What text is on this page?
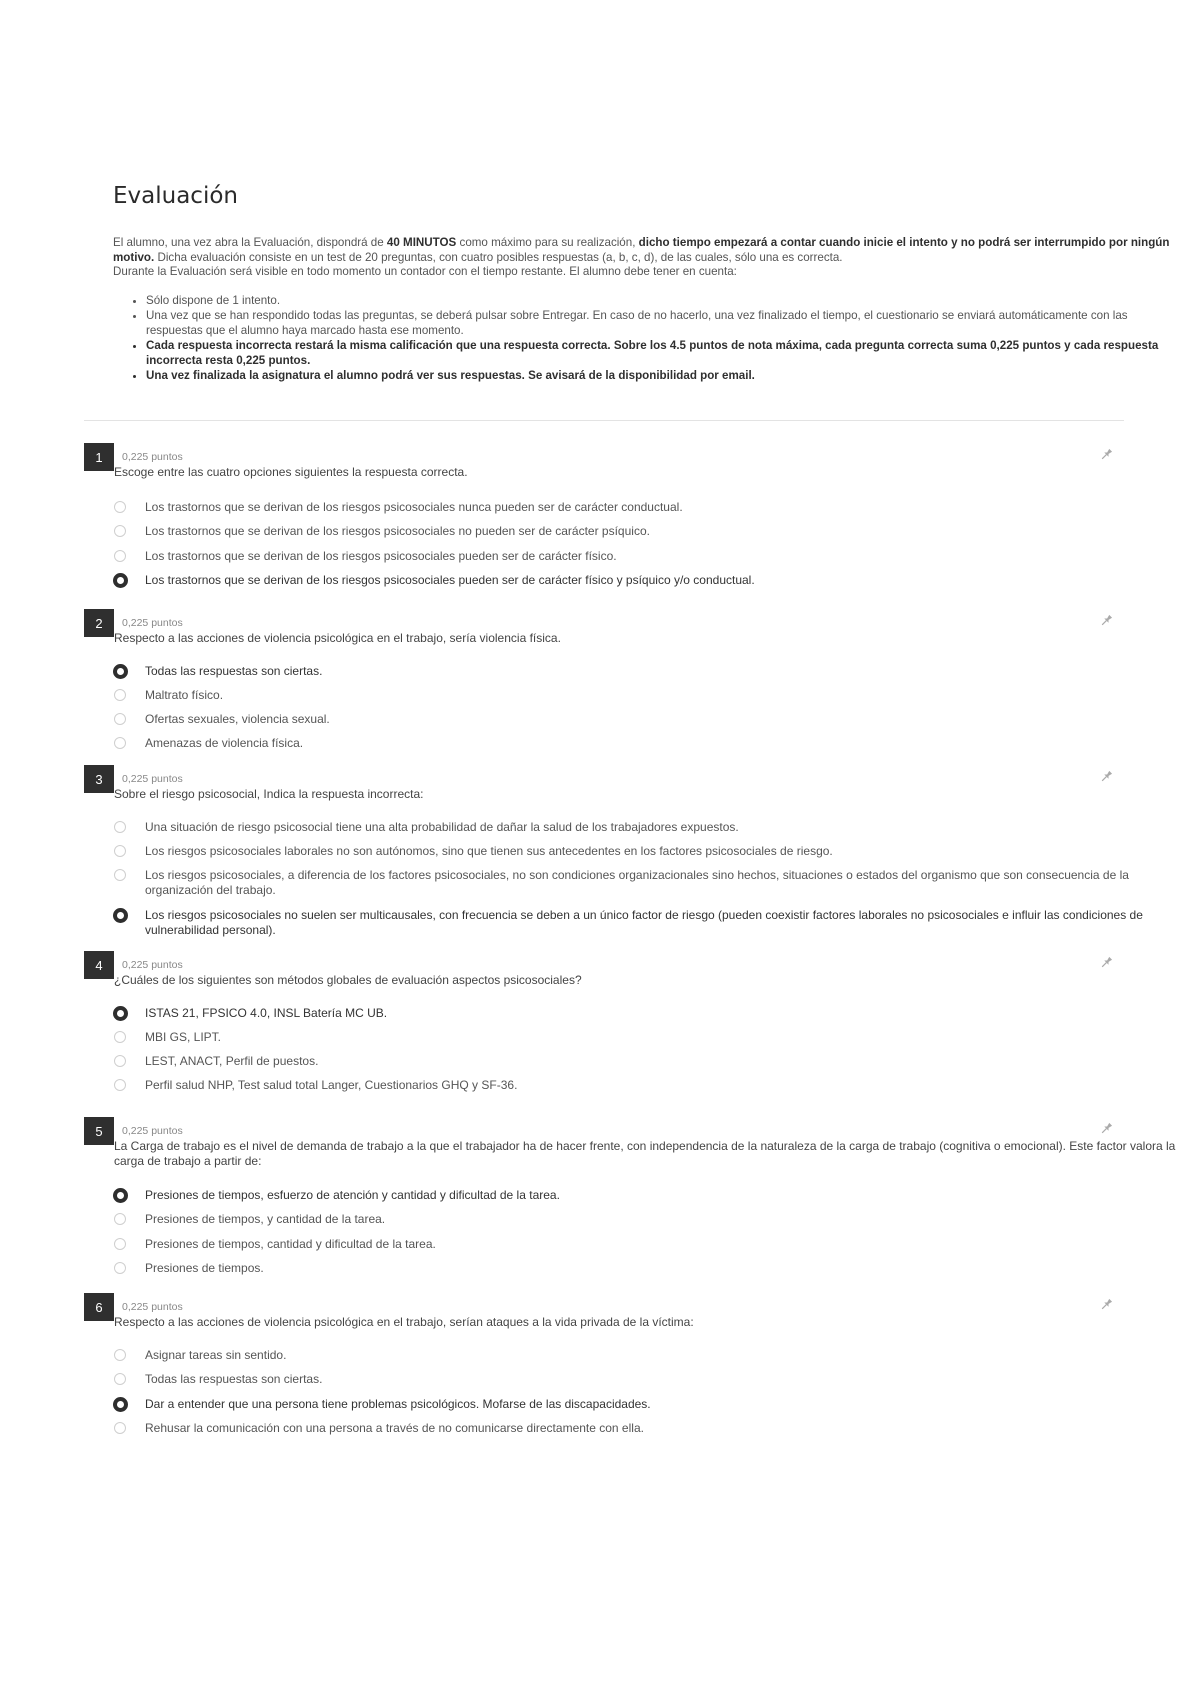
Evaluación

El alumno, una vez abra la Evaluación, dispondrá de 40 MINUTOS como máximo para su realización, dicho tiempo empezará a contar cuando inicie el intento y no podrá ser interrumpido por ningún motivo. Dicha evaluación consiste en un test de 20 preguntas, con cuatro posibles respuestas (a, b, c, d), de las cuales, sólo una es correcta.

Durante la Evaluación será visible en todo momento un contador con el tiempo restante. El alumno debe tener en cuenta:

• Sólo dispone de 1 intento.
• Una vez que se han respondido todas las preguntas, se deberá pulsar sobre Entregar. En caso de no hacerlo, una vez finalizado el tiempo, el cuestionario se enviará automáticamente con las respuestas que el alumno haya marcado hasta ese momento.
• Cada respuesta incorrecta restará la misma calificación que una respuesta correcta. Sobre los 4.5 puntos de nota máxima, cada pregunta correcta suma 0,225 puntos y cada respuesta incorrecta resta 0,225 puntos.
• Una vez finalizada la asignatura el alumno podrá ver sus respuestas. Se avisará de la disponibilidad por email.
1	0,225 puntos
Escoge entre las cuatro opciones siguientes la respuesta correcta.
Los trastornos que se derivan de los riesgos psicosociales nunca pueden ser de carácter conductual.
Los trastornos que se derivan de los riesgos psicosociales no pueden ser de carácter psíquico.
Los trastornos que se derivan de los riesgos psicosociales pueden ser de carácter físico.
Los trastornos que se derivan de los riesgos psicosociales pueden ser de carácter físico y psíquico y/o conductual.
2	0,225 puntos
Respecto a las acciones de violencia psicológica en el trabajo, sería violencia física.
Todas las respuestas son ciertas.
Maltrato físico.
Ofertas sexuales, violencia sexual.
Amenazas de violencia física.
3	0,225 puntos
Sobre el riesgo psicosocial, Indica la respuesta incorrecta:
Una situación de riesgo psicosocial tiene una alta probabilidad de dañar la salud de los trabajadores expuestos.
Los riesgos psicosociales laborales no son autónomos, sino que tienen sus antecedentes en los factores psicosociales de riesgo.
Los riesgos psicosociales, a diferencia de los factores psicosociales, no son condiciones organizacionales sino hechos, situaciones o estados del organismo que son consecuencia de la organización del trabajo.
Los riesgos psicosociales no suelen ser multicausales, con frecuencia se deben a un único factor de riesgo (pueden coexistir factores laborales no psicosociales e influir las condiciones de vulnerabilidad personal).
4	0,225 puntos
¿Cuáles de los siguientes son métodos globales de evaluación aspectos psicosociales?
ISTAS 21, FPSICO 4.0, INSL Batería MC UB.
MBI GS, LIPT.
LEST, ANACT, Perfil de puestos.
Perfil salud NHP, Test salud total Langer, Cuestionarios GHQ y SF-36.
5	0,225 puntos
La Carga de trabajo es el nivel de demanda de trabajo a la que el trabajador ha de hacer frente, con independencia de la naturaleza de la carga de trabajo (cognitiva o emocional). Este factor valora la carga de trabajo a partir de:
Presiones de tiempos, esfuerzo de atención y cantidad y dificultad de la tarea.
Presiones de tiempos, y cantidad de la tarea.
Presiones de tiempos, cantidad y dificultad de la tarea.
Presiones de tiempos.
6	0,225 puntos
Respecto a las acciones de violencia psicológica en el trabajo, serían ataques a la vida privada de la víctima:
Asignar tareas sin sentido.
Todas las respuestas son ciertas.
Dar a entender que una persona tiene problemas psicológicos. Mofarse de las discapacidades.
Rehusar la comunicación con una persona a través de no comunicarse directamente con ella.
